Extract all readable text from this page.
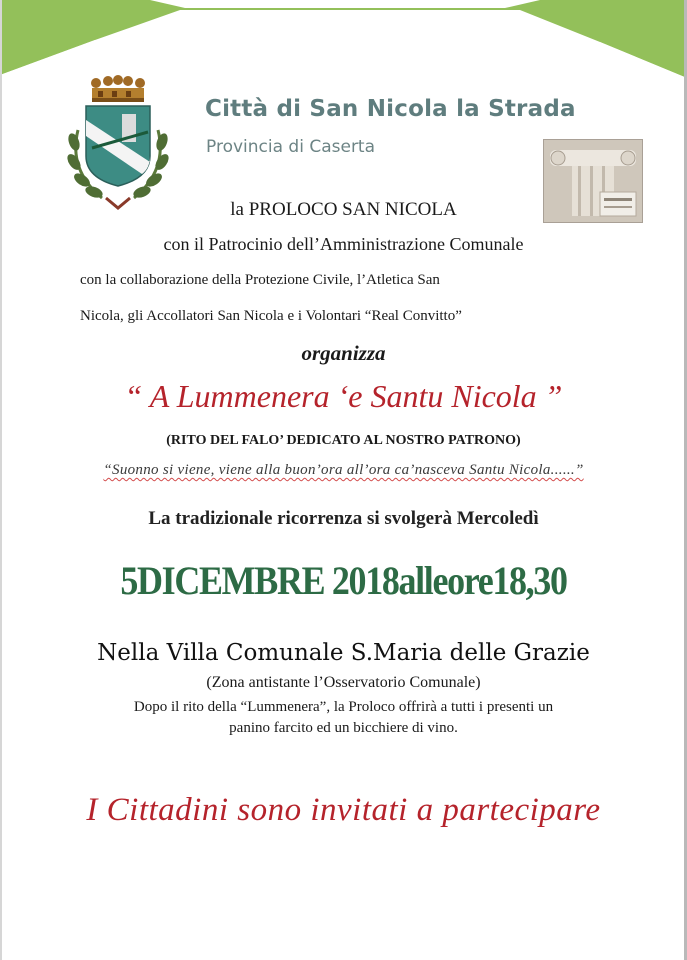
Città di San Nicola la Strada
Provincia di Caserta
la PROLOCO SAN NICOLA
con il Patrocinio dell’Amministrazione Comunale
con la collaborazione della Protezione Civile, l’Atletica San
Nicola, gli Accollatori San Nicola e i Volontari “Real Convitto”
organizza
“ A Lummenera ‘e Santu Nicola ”
(RITO DEL FALO’ DEDICATO AL NOSTRO PATRONO)
“Suonno si viene, viene alla buon’ora all’ora ca’nasceva Santu Nicola......”
La tradizionale ricorrenza si svolgerà Mercoledì
5DICEMBRE 2018alleore18,30
Nella Villa Comunale S.Maria delle Grazie
(Zona antistante l’Osservatorio Comunale)
Dopo il rito della “Lummenera”, la Proloco offrirà a tutti i presenti un
panino farcito ed un bicchiere di vino.
I Cittadini sono invitati a partecipare
